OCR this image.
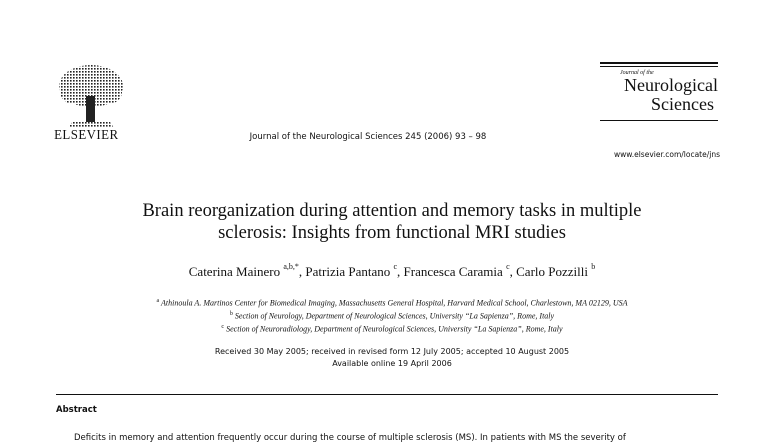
ELSEVIER	Journal of the Neurological Sciences 245 (2006) 93 – 98
Journal of the
Neurological
Sciences
www.elsevier.com/locate/jns
Brain reorganization during attention and memory tasks in multiple
sclerosis: Insights from functional MRI studies
Caterina Mainero $^{a,b,*}$, Patrizia Pantano $^c$, Francesca Caramia $^c$, Carlo Pozzilli $^b$
$^a$ Athinoula A. Martinos Center for Biomedical Imaging, Massachusetts General Hospital, Harvard Medical School, Charlestown, MA 02129, USA
$^b$ Section of Neurology, Department of Neurological Sciences, University “La Sapienza”, Rome, Italy
$^c$ Section of Neuroradiology, Department of Neurological Sciences, University “La Sapienza”, Rome, Italy
Received 30 May 2005; received in revised form 12 July 2005; accepted 10 August 2005
Available online 19 April 2006
Abstract
Deficits in memory and attention frequently occur during the course of multiple sclerosis (MS). In patients with MS the severity of
